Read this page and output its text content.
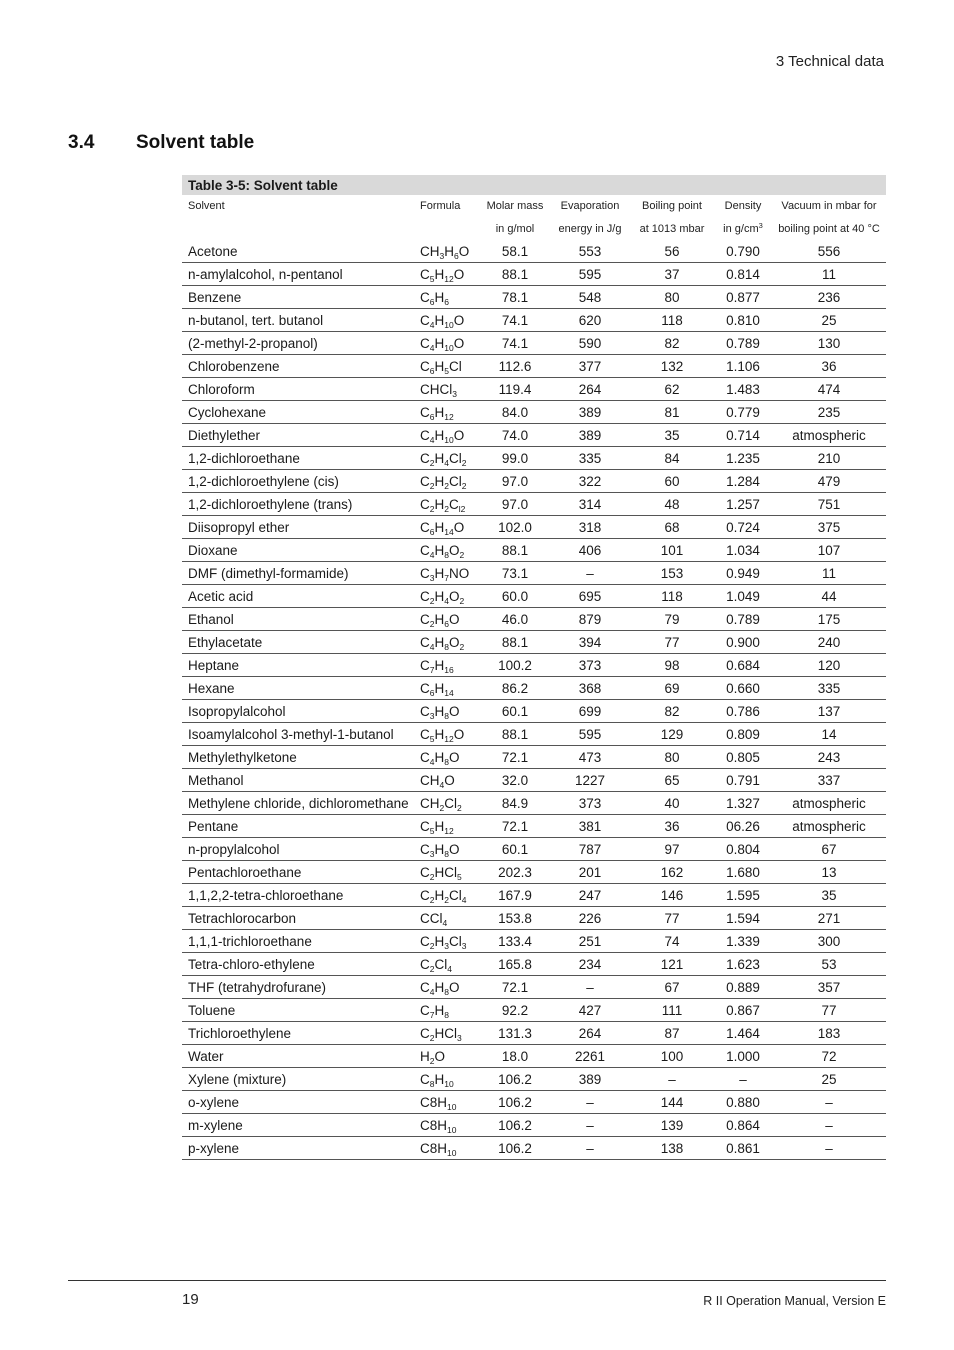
3 Technical data
3.4 Solvent table
Table 3-5: Solvent table						
Solvent	Formula	Molar mass	Evaporation	Boiling point	Density	Vacuum in mbar for
		in g/mol	energy in J/g	at 1013 mbar	in $g/cm^3$	boiling point at 40 °C
Acetone	$CH_3H_6O$	58.1	553	56	0.790	556
n-amylalcohol, n-pentanol	$C_5H_{12}O$	88.1	595	37	0.814	11
Benzene	$C_6H_6$	78.1	548	80	0.877	236
n-butanol, tert. butanol	$C_4H_{10}O$	74.1	620	118	0.810	25
(2-methyl-2-propanol)	$C_4H_{10}O$	74.1	590	82	0.789	130
Chlorobenzene	$C_6H_5Cl$	112.6	377	132	1.106	36
Chloroform	CHCl$_3$	119.4	264	62	1.483	474
Cyclohexane	$C_6H_{12}$	84.0	389	81	0.779	235
Diethylether	$C_4H_{10}O$	74.0	389	35	0.714	atmospheric
1,2-dichloroethane	$C_2H_4Cl_2$	99.0	335	84	1.235	210
1,2-dichloroethylene (cis)	$C_2H_2Cl_2$	97.0	322	60	1.284	479
1,2-dichloroethylene (trans)	$C_2H_2C_{l2}$	97.0	314	48	1.257	751
Diisopropyl ether	$C_6H_{14}O$	102.0	318	68	0.724	375
Dioxane	$C_4H_8O_2$	88.1	406	101	1.034	107
DMF (dimethyl-formamide)	$C_3H_7NO$	73.1	–	153	0.949	11
Acetic acid	$C_2H_4O_2$	60.0	695	118	1.049	44
Ethanol	$C_2H_6O$	46.0	879	79	0.789	175
Ethylacetate	$C_4H_8O_2$	88.1	394	77	0.900	240
Heptane	$C_7H_{16}$	100.2	373	98	0.684	120
Hexane	$C_6H_{14}$	86.2	368	69	0.660	335
Isopropylalcohol	$C_3H_8O$	60.1	699	82	0.786	137
Isoamylalcohol 3-methyl-1-butanol	$C_5H_{12}O$	88.1	595	129	0.809	14
Methylethylketone	$C_4H_8O$	72.1	473	80	0.805	243
Methanol	$CH_4O$	32.0	1227	65	0.791	337
Methylene chloride, dichloromethane	$CH_2Cl_2$	84.9	373	40	1.327	atmospheric
Pentane	$C_5H_{12}$	72.1	381	36	06.26	atmospheric
n-propylalcohol	$C_3H_8O$	60.1	787	97	0.804	67
Pentachloroethane	$C_2HCl_5$	202.3	201	162	1.680	13
1,1,2,2-tetra-chloroethane	$C_2H_2Cl_4$	167.9	247	146	1.595	35
Tetrachlorocarbon	CCl$_4$	153.8	226	77	1.594	271
1,1,1-trichloroethane	$C_2H_3Cl_3$	133.4	251	74	1.339	300
Tetra-chloro-ethylene	$C_2Cl_4$	165.8	234	121	1.623	53
THF (tetrahydrofurane)	$C_4H_8O$	72.1	–	67	0.889	357
Toluene	$C_7H_8$	92.2	427	111	0.867	77
Trichloroethylene	$C_2HCl_3$	131.3	264	87	1.464	183
Water	$H_2O$	18.0	2261	100	1.000	72
Xylene (mixture)	$C_8H_{10}$	106.2	389	–	–	25
o-xylene	$C8H_{10}$	106.2	–	144	0.880	–
m-xylene	$C8H_{10}$	106.2	–	139	0.864	–
p-xylene	$C8H_{10}$	106.2	–	138	0.861	–
19	R II Operation Manual, Version E
